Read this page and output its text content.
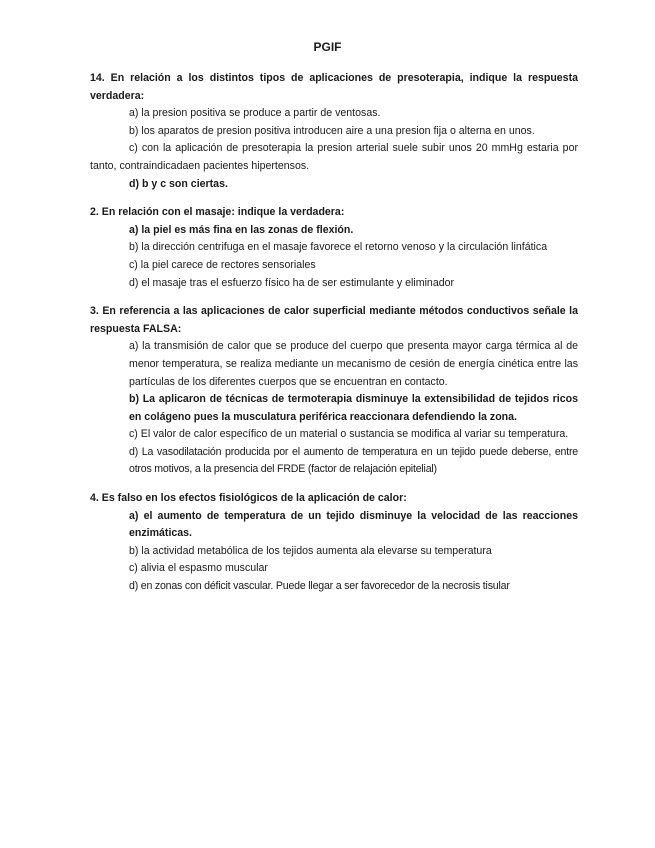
PGIF
14. En relación a los distintos tipos de aplicaciones de presoterapia, indique la respuesta verdadera:
a) la presion positiva se produce a partir de ventosas.
b) los aparatos de presion positiva introducen aire a una presion fija o alterna en unos.
c) con la aplicación de presoterapia la presion arterial suele subir unos 20 mmHg estaria por tanto, contraindicadaen pacientes hipertensos.
d) b y c son ciertas.
2. En relación con el masaje: indique la verdadera:
a) la piel es más fina en las zonas de flexión.
b) la dirección centrifuga en el masaje favorece el retorno venoso y la circulación linfática
c) la piel carece de rectores sensoriales
d) el masaje tras el esfuerzo físico ha de ser estimulante y eliminador
3. En referencia a las aplicaciones de calor superficial mediante métodos conductivos señale la respuesta FALSA:
a) la transmisión de calor que se produce del cuerpo que presenta mayor carga térmica al de menor temperatura, se realiza mediante un mecanismo de cesión de energía cinética entre las partículas de los diferentes cuerpos que se encuentran en contacto.
b) La aplicaron de técnicas de termoterapia disminuye la extensibilidad de tejidos ricos en colágeno pues la musculatura periférica reaccionara defendiendo la zona.
c) El valor de calor específico de un material o sustancia se modifica al variar su temperatura.
d) La vasodilatación producida por el aumento de temperatura en un tejido puede deberse, entre otros motivos, a la presencia del FRDE (factor de relajación epitelial)
4. Es falso en los efectos fisiológicos de la aplicación de calor:
a) el aumento de temperatura de un tejido disminuye la velocidad de las reacciones enzimáticas.
b) la actividad metabólica de los tejidos aumenta ala elevarse su temperatura
c) alivia el espasmo muscular
d) en zonas con déficit vascular. Puede llegar a ser favorecedor de la necrosis tisular
